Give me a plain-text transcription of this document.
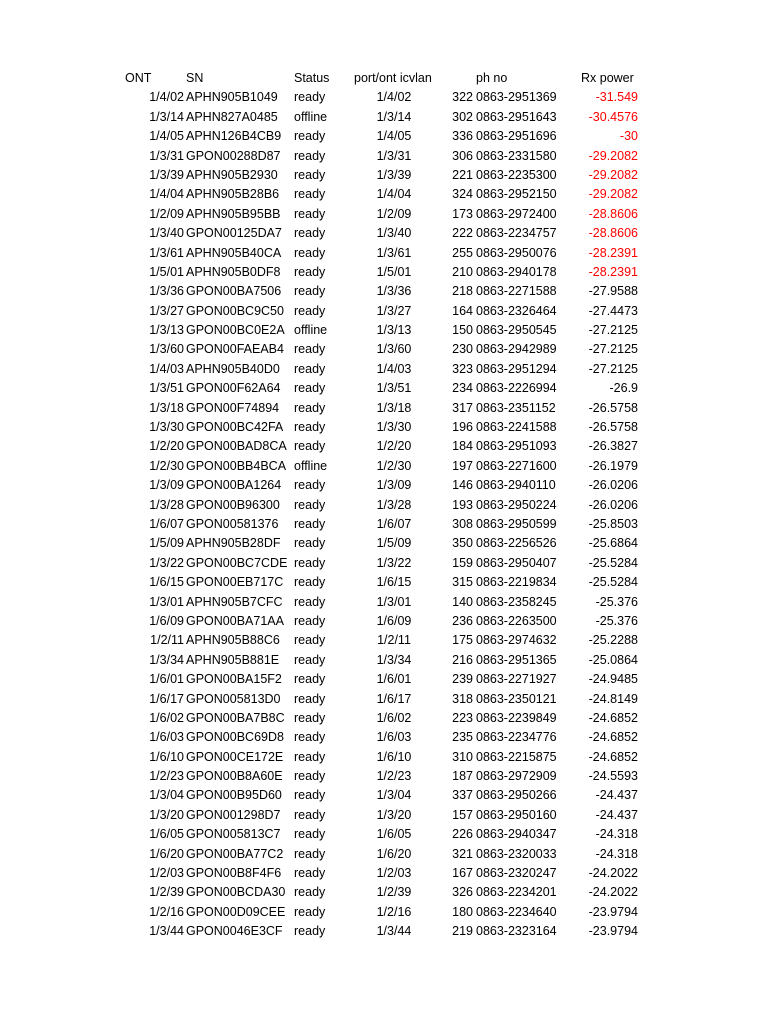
ONT	SN	Status	port/ont icvlan	ph no	Rx power
1/4/02 APHN905B1049	ready	1/4/02	322 0863-2951369	-31.549
1/3/14 APHN827A0485	offline	1/3/14	302 0863-2951643	-30.4576
1/4/05 APHN126B4CB9	ready	1/4/05	336 0863-2951696	-30
1/3/31 GPON00288D87	ready	1/3/31	306 0863-2331580	-29.2082
1/3/39 APHN905B2930	ready	1/3/39	221 0863-2235300	-29.2082
1/4/04 APHN905B28B6	ready	1/4/04	324 0863-2952150	-29.2082
1/2/09 APHN905B95BB	ready	1/2/09	173 0863-2972400	-28.8606
1/3/40 GPON00125DA7 ready	1/3/40	222 0863-2234757	-28.8606
1/3/61 APHN905B40CA	ready	1/3/61	255 0863-2950076	-28.2391
1/5/01 APHN905B0DF8	ready	1/5/01	210 0863-2940178	-28.2391
1/3/36 GPON00BA7506	ready	1/3/36	218 0863-2271588	-27.9588
1/3/27 GPON00BC9C50 ready	1/3/27	164 0863-2326464	-27.4473
1/3/13 GPON00BC0E2A offline	1/3/13	150 0863-2950545	-27.2125
1/3/60 GPON00FAEAB4 ready	1/3/60	230 0863-2942989	-27.2125
1/4/03 APHN905B40D0	ready	1/4/03	323 0863-2951294	-27.2125
1/3/51 GPON00F62A64	ready	1/3/51	234 0863-2226994	-26.9
1/3/18 GPON00F74894	ready	1/3/18	317 0863-2351152	-26.5758
1/3/30 GPON00BC42FA ready	1/3/30	196 0863-2241588	-26.5758
1/2/20 GPON00BAD8CA ready	1/2/20	184 0863-2951093	-26.3827
1/2/30 GPON00BB4BCA offline	1/2/30	197 0863-2271600	-26.1979
1/3/09 GPON00BA1264	ready	1/3/09	146 0863-2940110	-26.0206
1/3/28 GPON00B96300	ready	1/3/28	193 0863-2950224	-26.0206
1/6/07 GPON00581376	ready	1/6/07	308 0863-2950599	-25.8503
1/5/09 APHN905B28DF	ready	1/5/09	350 0863-2256526	-25.6864
1/3/22 GPON00BC7CDE ready	1/3/22	159 0863-2950407	-25.5284
1/6/15 GPON00EB717C ready	1/6/15	315 0863-2219834	-25.5284
1/3/01 APHN905B7CFC ready	1/3/01	140 0863-2358245	-25.376
1/6/09 GPON00BA71AA ready	1/6/09	236 0863-2263500	-25.376
1/2/11 APHN905B88C6	ready	1/2/11	175 0863-2974632	-25.2288
1/3/34 APHN905B881E	ready	1/3/34	216 0863-2951365	-25.0864
1/6/01 GPON00BA15F2 ready	1/6/01	239 0863-2271927	-24.9485
1/6/17 GPON005813D0	ready	1/6/17	318 0863-2350121	-24.8149
1/6/02 GPON00BA7B8C ready	1/6/02	223 0863-2239849	-24.6852
1/6/03 GPON00BC69D8 ready	1/6/03	235 0863-2234776	-24.6852
1/6/10 GPON00CE172E ready	1/6/10	310 0863-2215875	-24.6852
1/2/23 GPON00B8A60E ready	1/2/23	187 0863-2972909	-24.5593
1/3/04 GPON00B95D60 ready	1/3/04	337 0863-2950266	-24.437
1/3/20 GPON001298D7	ready	1/3/20	157 0863-2950160	-24.437
1/6/05 GPON005813C7	ready	1/6/05	226 0863-2940347	-24.318
1/6/20 GPON00BA77C2 ready	1/6/20	321 0863-2320033	-24.318
1/2/03 GPON00B8F4F6	ready	1/2/03	167 0863-2320247	-24.2022
1/2/39 GPON00BCDA30 ready	1/2/39	326 0863-2234201	-24.2022
1/2/16 GPON00D09CEE ready	1/2/16	180 0863-2234640	-23.9794
1/3/44 GPON0046E3CF ready	1/3/44	219 0863-2323164	-23.9794
